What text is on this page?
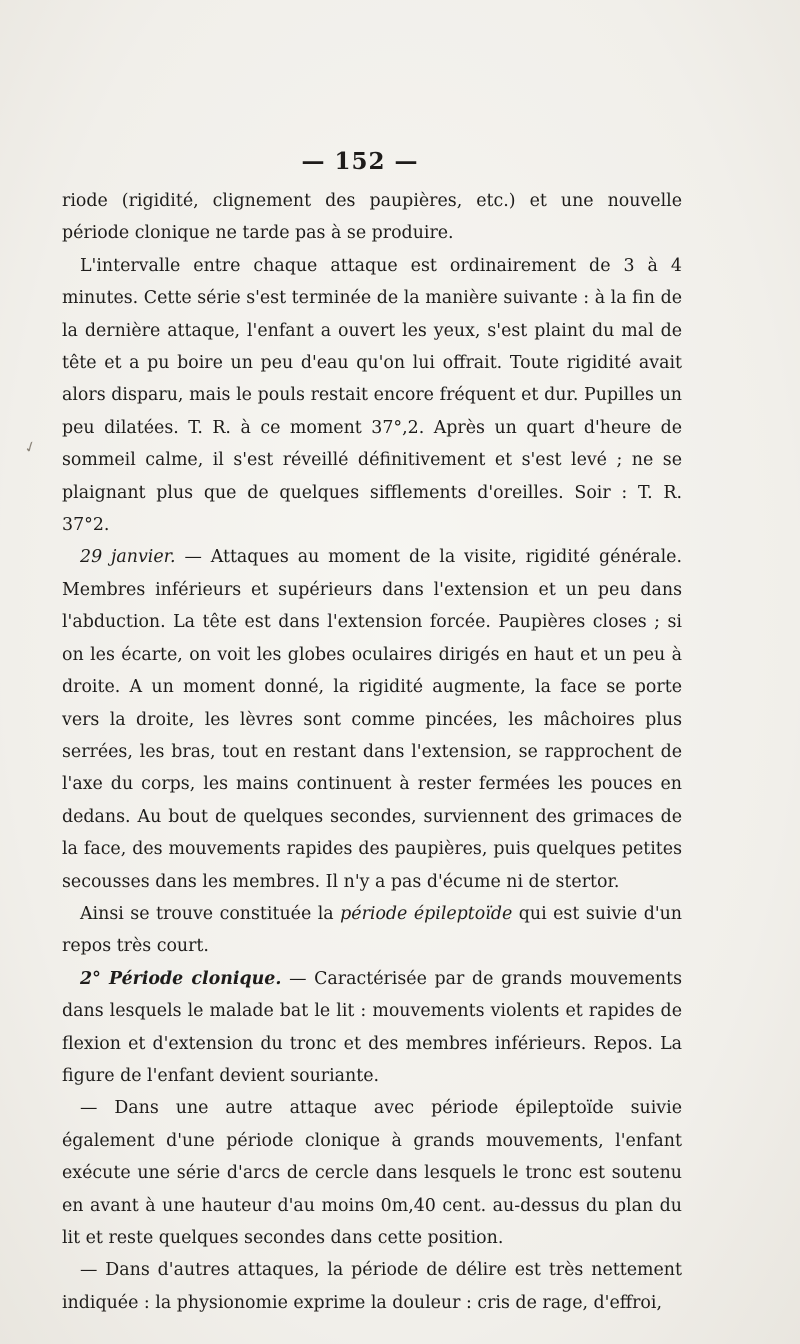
— 152 —
✓

riode (rigidité, clignement des paupières, etc.) et une nouvelle période clonique ne tarde pas à se produire.

L'intervalle entre chaque attaque est ordinairement de 3 à 4 minutes. Cette série s'est terminée de la manière suivante : à la fin de la dernière attaque, l'enfant a ouvert les yeux, s'est plaint du mal de tête et a pu boire un peu d'eau qu'on lui offrait. Toute rigidité avait alors disparu, mais le pouls restait encore fréquent et dur. Pupilles un peu dilatées. T. R. à ce moment 37°,2. Après un quart d'heure de sommeil calme, il s'est réveillé définitivement et s'est levé ; ne se plaignant plus que de quelques sifflements d'oreilles. Soir : T. R. 37°2.

29 janvier. — Attaques au moment de la visite, rigidité générale. Membres inférieurs et supérieurs dans l'extension et un peu dans l'abduction. La tête est dans l'extension forcée. Paupières closes ; si on les écarte, on voit les globes oculaires dirigés en haut et un peu à droite. A un moment donné, la rigidité augmente, la face se porte vers la droite, les lèvres sont comme pincées, les mâchoires plus serrées, les bras, tout en restant dans l'extension, se rapprochent de l'axe du corps, les mains continuent à rester fermées les pouces en dedans. Au bout de quelques secondes, surviennent des grimaces de la face, des mouvements rapides des paupières, puis quelques petites secousses dans les membres. Il n'y a pas d'écume ni de stertor.

Ainsi se trouve constituée la période épileptoïde qui est suivie d'un repos très court.

2° Période clonique. — Caractérisée par de grands mouvements dans lesquels le malade bat le lit : mouvements violents et rapides de flexion et d'extension du tronc et des membres inférieurs. Repos. La figure de l'enfant devient souriante.

— Dans une autre attaque avec période épileptoïde suivie également d'une période clonique à grands mouvements, l'enfant exécute une série d'arcs de cercle dans lesquels le tronc est soutenu en avant à une hauteur d'au moins 0m,40 cent. au-dessus du plan du lit et reste quelques secondes dans cette position.

— Dans d'autres attaques, la période de délire est très nettement indiquée : la physionomie exprime la douleur : cris de rage, d'effroi,
